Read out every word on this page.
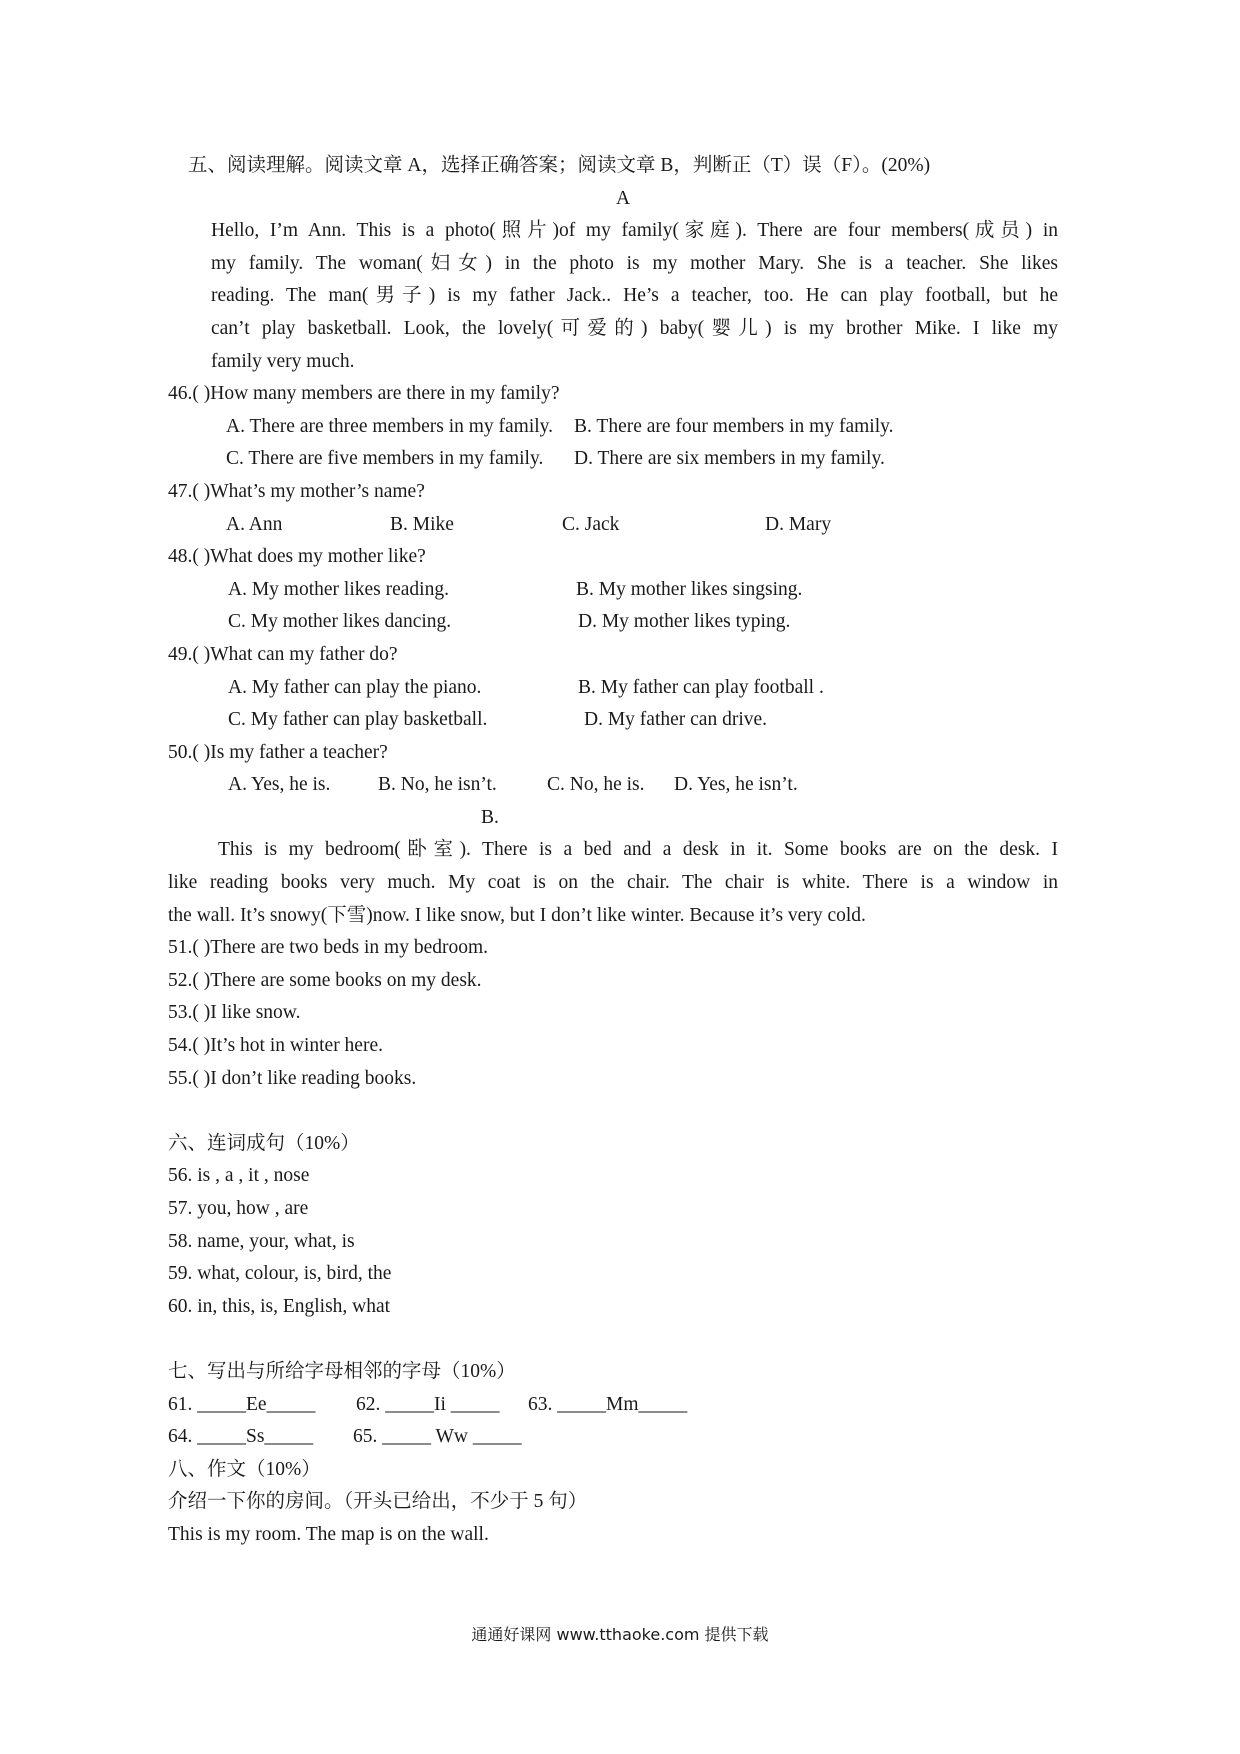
五、阅读理解。阅读文章 A，选择正确答案；阅读文章 B，判断正（T）误（F）。(20%)
A
Hello, I’m Ann. This is a photo(照片)of my family(家庭). There are four members(成员) in
my family. The woman(妇女) in the photo is my mother Mary. She is a teacher. She likes
reading. The man(男子) is my father Jack.. He’s a teacher, too. He can play football, but he
can’t play basketball. Look, the lovely(可爱的) baby(婴儿) is my brother Mike. I like my
family very much.
46.( )How many members are there in my family?
A. There are three members in my family. B. There are four members in my family.
C. There are five members in my family. D. There are six members in my family.
47.( )What’s my mother’s name?
A. Ann	B. Mike	C. Jack	D. Mary
48.( )What does my mother like?
A. My mother likes reading.	B. My mother likes singsing.
C. My mother likes dancing.	D. My mother likes typing.
49.( )What can my father do?
A. My father can play the piano.	B. My father can play football .
C. My father can play basketball.	D. My father can drive.
50.( )Is my father a teacher?
A. Yes, he is. B. No, he isn’t.	C. No, he is. D. Yes, he isn’t.
B.
This is my bedroom(卧室). There is a bed and a desk in it. Some books are on the desk. I
like reading books very much. My coat is on the chair. The chair is white. There is a window in
the wall. It’s snowy(下雪)now. I like snow, but I don’t like winter. Because it’s very cold.
51.( )There are two beds in my bedroom.
52.( )There are some books on my desk.
53.( )I like snow.
54.( )It’s hot in winter here.
55.( )I don’t like reading books.
六、连词成句（10%）
56. is , a , it , nose
57. you, how , are
58. name, your, what, is
59. what, colour, is, bird, the
60. in, this, is, English, what
七、写出与所给字母相邻的字母（10%）
61. _____Ee_____ 62. _____Ii _____ 63. _____Mm_____
64. _____Ss_____ 65. _____ Ww _____
八、作文（10%）
介绍一下你的房间。（开头已给出，不少于 5 句）
This is my room. The map is on the wall.
通通好课网 www.tthaoke.com 提供下载
